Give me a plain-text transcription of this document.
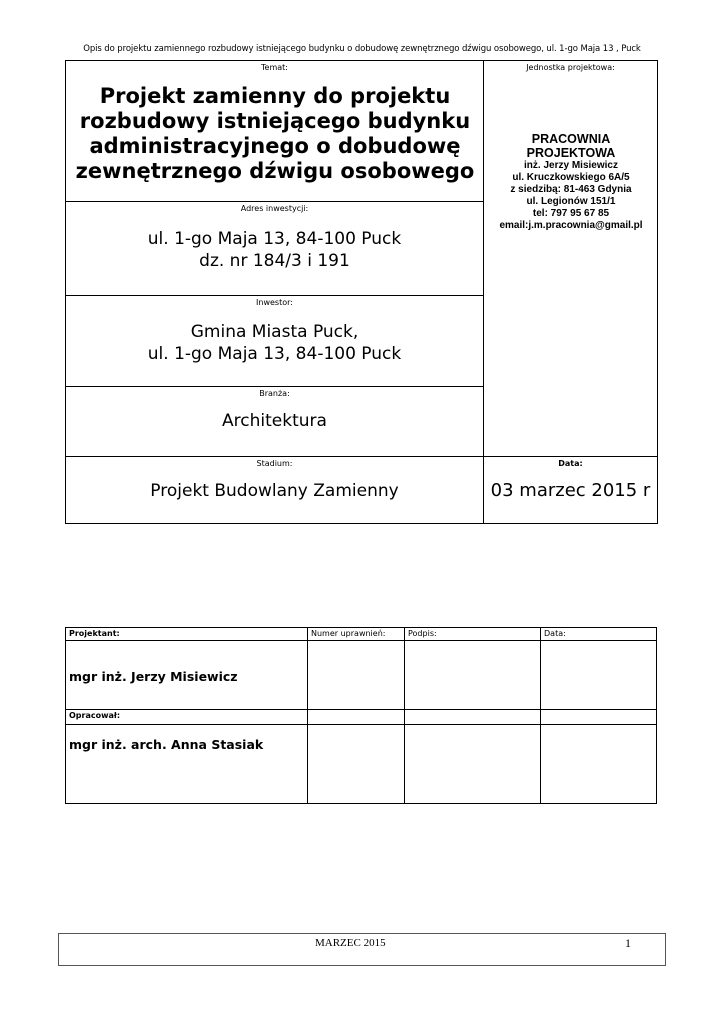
Opis do projektu zamiennego rozbudowy istniejącego budynku o dobudowę zewnętrznego dźwigu osobowego, ul. 1-go Maja 13 , Puck
Temat:
Projekt zamienny do projektu
rozbudowy istniejącego budynku
administracyjnego o dobudowę
zewnętrznego dźwigu osobowego
Jednostka projektowa:
PRACOWNIA
PROJEKTOWA
inż. Jerzy Misiewicz
ul. Kruczkowskiego 6A/5
z siedzibą: 81-463 Gdynia
ul. Legionów 151/1
tel: 797 95 67 85
email:j.m.pracownia@gmail.pl
Adres inwestycji:
ul. 1-go Maja 13, 84-100 Puck
dz. nr 184/3 i 191
Inwestor:
Gmina Miasta Puck,
ul. 1-go Maja 13, 84-100 Puck
Branża:
Architektura
Stadium:
Projekt Budowlany Zamienny
Data:
03 marzec 2015 r
Projektant:	Numer uprawnień:	Podpis:	Data:
mgr inż. Jerzy Misiewicz
Opracował:
mgr inż. arch. Anna Stasiak
MARZEC 2015	1
